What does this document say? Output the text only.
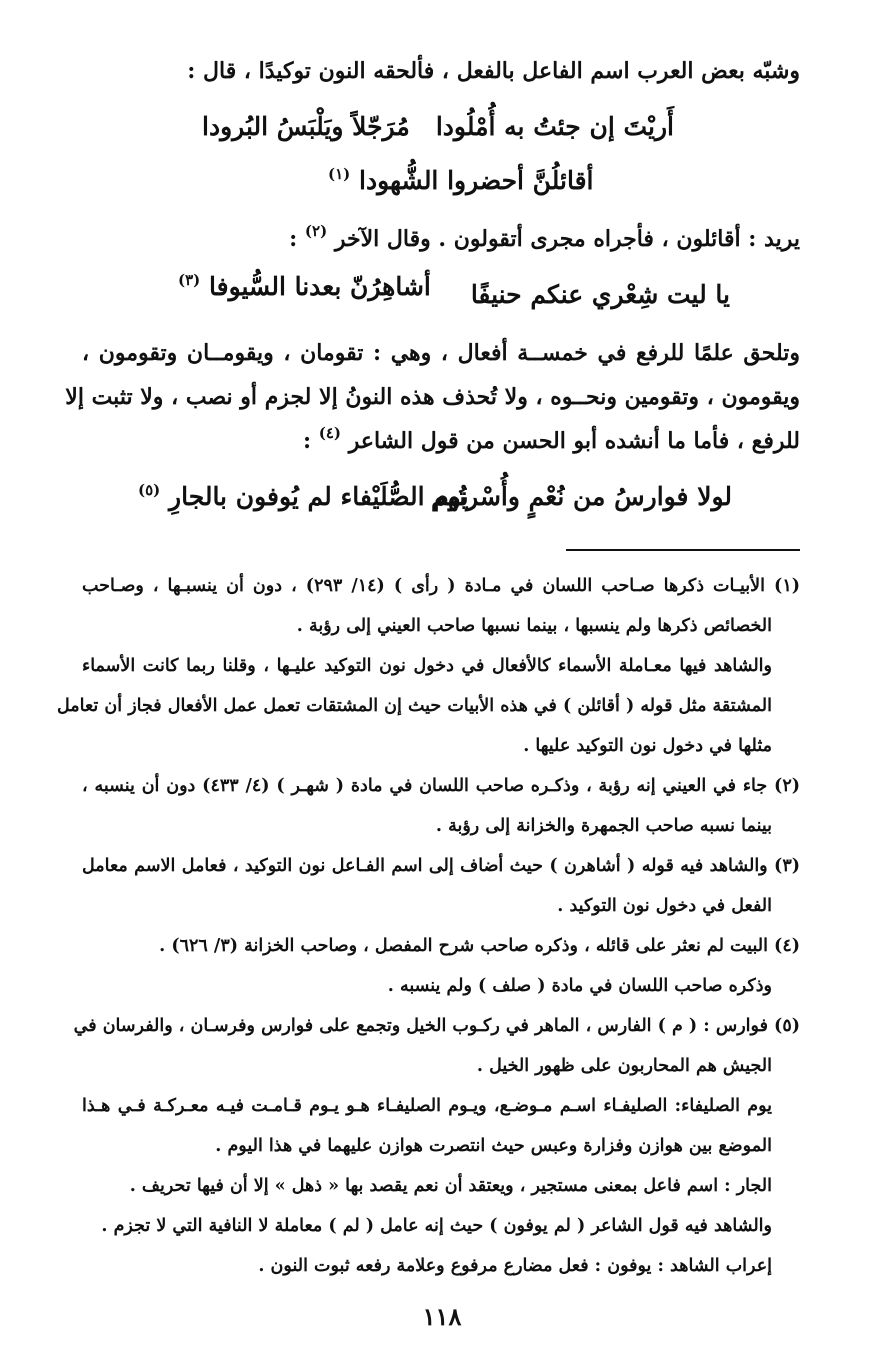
وشبّه بعض العرب اسم الفاعل بالفعل ، فألحقه النون توكيدًا ، قال :
أَريْتَ إن جئتُ به أُمْلُودا
مُرَجّلاً ويَلْبَسُ البُرودا
أقائلُنَّ أحضروا الشُّهودا $^{(١)}$
يريد : أقائلون ، فأجراه مجرى أتقولون . وقال الآخر $^{(٢)}$ :
يا ليت شِعْري عنكم حنيفًا
أشاهِرُنّ بعدنا السُّيوفا $^{(٣)}$
وتلحق علمًا للرفع في خمســة أفعال ، وهي : تقومان ، ويقومــان وتقومون ،
ويقومون ، وتقومين ونحــوه ، ولا تُحذف هذه النونُ إلا لجزم أو نصب ، ولا تثبت إلا
للرفع ، فأما ما أنشده أبو الحسن من قول الشاعر $^{(٤)}$ :
لولا فوارسُ من نُعْمٍ وأُسْرتُهم
يوم الصُّلَيْفاء لم يُوفون بالجارِ $^{(٥)}$
(١) الأبيـات ذكرها صـاحب اللسان في مـادة ( رأى ) (١٤/ ٢٩٣) ، دون أن ينسبـها ، وصـاحب
الخصائص ذكرها ولم ينسبها ، بينما نسبها صاحب العيني إلى رؤبة .
والشاهد فيها معـاملة الأسماء كالأفعال في دخول نون التوكيد عليـها ، وقلنا ربما كانت الأسماء
المشتقة مثل قوله ( أقائلن ) في هذه الأبيات حيث إن المشتقات تعمل عمل الأفعال فجاز أن تعامل
مثلها في دخول نون التوكيد عليها .
(٢) جاء في العيني إنه رؤبة ، وذكـره صاحب اللسان في مادة ( شهـر ) (٤/ ٤٣٣) دون أن ينسبه ،
بينما نسبه صاحب الجمهرة والخزانة إلى رؤبة .
(٣) والشاهد فيه قوله ( أشاهرن ) حيث أضاف إلى اسم الفـاعل نون التوكيد ، فعامل الاسم معامل
الفعل في دخول نون التوكيد .
(٤) البيت لم نعثر على قائله ، وذكره صاحب شرح المفصل ، وصاحب الخزانة (٣/ ٦٢٦) .
وذكره صاحب اللسان في مادة ( صلف ) ولم ينسبه .
(٥) فوارس : ( م ) الفارس ، الماهر في ركـوب الخيل وتجمع على فوارس وفرسـان ، والفرسان في
الجيش هم المحاربون على ظهور الخيل .
يوم الصليفاء: الصليفـاء اسـم مـوضـع، ويـوم الصليفـاء هـو يـوم قـامـت فيـه معـركـة فـي هـذا
الموضع بين هوازن وفزارة وعبس حيث انتصرت هوازن عليهما في هذا اليوم .
الجار : اسم فاعل بمعنى مستجير ، ويعتقد أن نعم يقصد بها « ذهل » إلا أن فيها تحريف .
والشاهد فيه قول الشاعر ( لم يوفون ) حيث إنه عامل ( لم ) معاملة لا النافية التي لا تجزم .
إعراب الشاهد : يوفون : فعل مضارع مرفوع وعلامة رفعه ثبوت النون .
١١٨
